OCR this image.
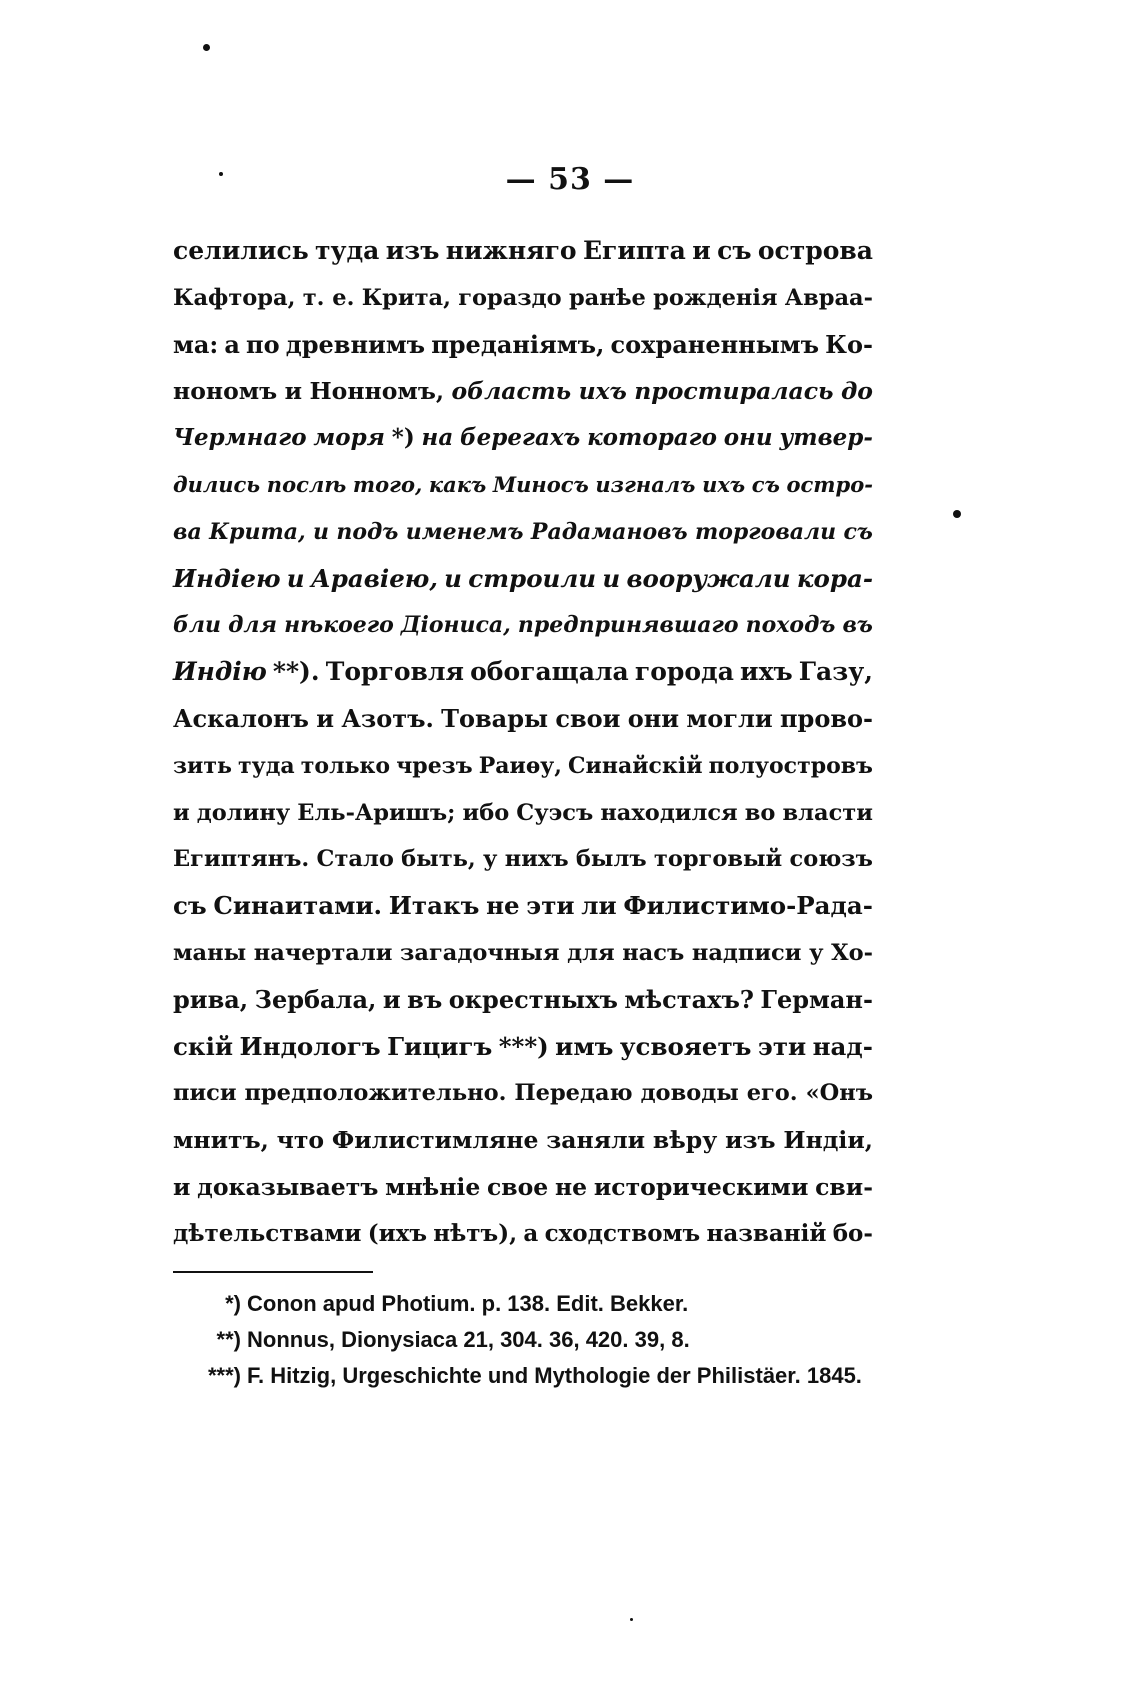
— 53 —
селились туда изъ нижняго Египта и съ острова
Кафтора, т. е. Крита, гораздо ранѣе рожденія Авраа-
ма: а по древнимъ преданіямъ, сохраненнымъ Ко-
нономъ и Нонномъ, область ихъ простиралась до
Чермнаго моря *) на берегахъ котораго они утвер-
дились послѣ того, какъ Миносъ изгналъ ихъ съ остро-
ва Крита, и подъ именемъ Радамановъ торговали съ
Индіею и Аравіею, и строили и вооружали кора-
бли для нѣкоего Діониса, предпринявшаго походъ въ
Индію **). Торговля обогащала города ихъ Газу,
Аскалонъ и Азотъ. Товары свои они могли прово-
зить туда только чрезъ Раиѳу, Синайскій полуостровъ
и долину Ель-Аришъ; ибо Суэсъ находился во власти
Египтянъ. Стало быть, у нихъ былъ торговый союзъ
съ Синаитами. Итакъ не эти ли Филистимо-Рада-
маны начертали загадочныя для насъ надписи у Хо-
рива, Зербала, и въ окрестныхъ мѣстахъ? Герман-
скій Индологъ Гицигъ ***) имъ усвояетъ эти над-
писи предположительно. Передаю доводы его. «Онъ
мнитъ, что Филистимляне заняли вѣру изъ Индіи,
и доказываетъ мнѣніе свое не историческими сви-
дѣтельствами (ихъ нѣтъ), а сходствомъ названій бо-
*) Conon apud Photium. p. 138. Edit. Bekker.
**) Nonnus, Dionysiaca 21, 304. 36, 420. 39, 8.
***) F. Hitzig, Urgeschichte und Mythologie der Philistäer. 1845.
